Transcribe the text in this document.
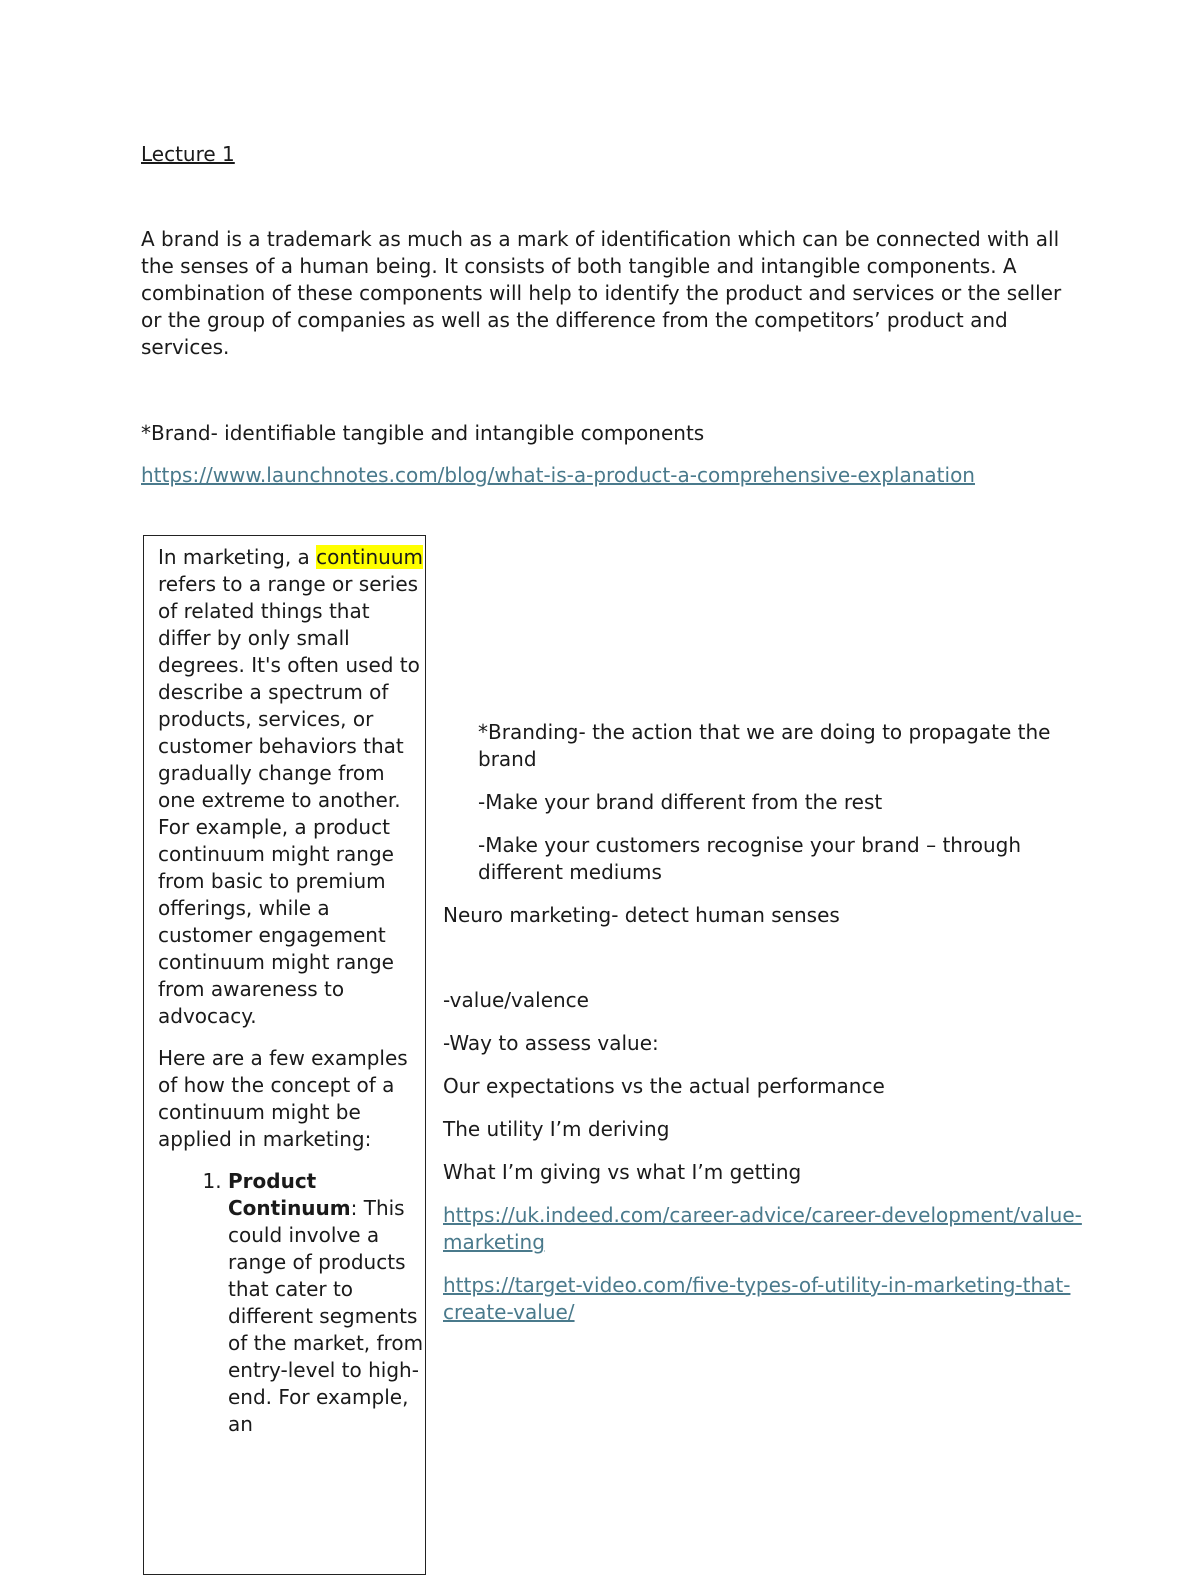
Lecture 1

A brand is a trademark as much as a mark of identification which can be connected with all the senses of a human being. It consists of both tangible and intangible components. A combination of these components will help to identify the product and services or the seller or the group of companies as well as the difference from the competitors’ product and services.

*Brand- identifiable tangible and intangible components

https://www.launchnotes.com/blog/what-is-a-product-a-comprehensive-explanation

In marketing, a continuum refers to a range or series of related things that differ by only small degrees. It's often used to describe a spectrum of products, services, or customer behaviors that gradually change from one extreme to another. For example, a product continuum might range from basic to premium offerings, while a customer engagement continuum might range from awareness to advocacy.

Here are a few examples of how the concept of a continuum might be applied in marketing:

1. Product Continuum: This could involve a range of products that cater to different segments of the market, from entry-level to high-end. For example, an

*Branding- the action that we are doing to propagate the brand

-Make your brand different from the rest

-Make your customers recognise your brand – through different mediums

Neuro marketing- detect human senses

-value/valence

-Way to assess value:

Our expectations vs the actual performance

The utility I’m deriving

What I’m giving vs what I’m getting

https://uk.indeed.com/career-advice/career-development/value-marketing

https://target-video.com/five-types-of-utility-in-marketing-that-create-value/
